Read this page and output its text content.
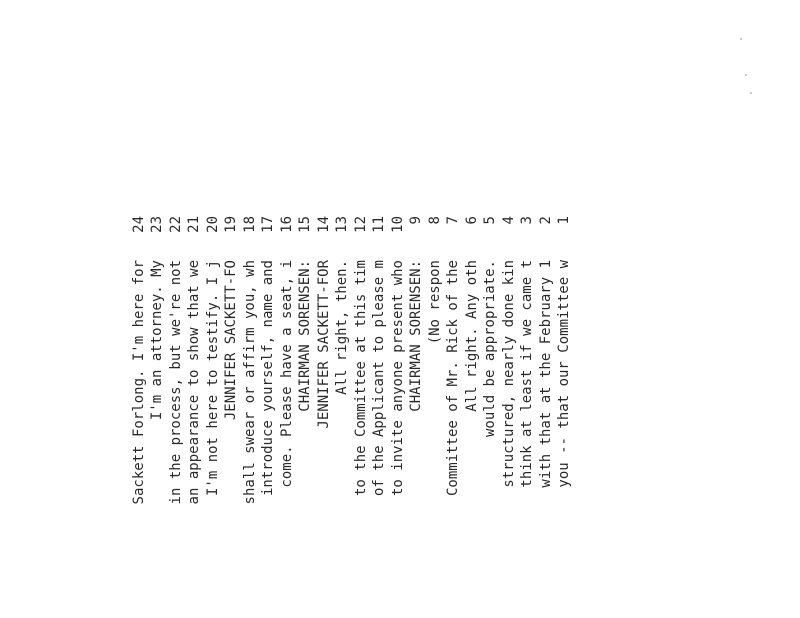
1
you -- that our Committee w
2
with that at the February 1
3
think at least if we came t
4
structured, nearly done kin
5
would be appropriate.
6
All right. Any oth
7
Committee of Mr. Rick of the
8
(No respon
9
CHAIRMAN SORENSEN:
10
to invite anyone present who
11
of the Applicant to please m
12
to the Committee at this tim
13
All right, then.
14
JENNIFER SACKETT-FOR
15
CHAIRMAN SORENSEN:
16
come. Please have a seat, i
17
introduce yourself, name and
18
shall swear or affirm you, wh
19
JENNIFER SACKETT-FO
20
I'm not here to testify. I j
21
an appearance to show that we
22
in the process, but we're not
23
I'm an attorney. My
24
Sackett Forlong. I'm here for
